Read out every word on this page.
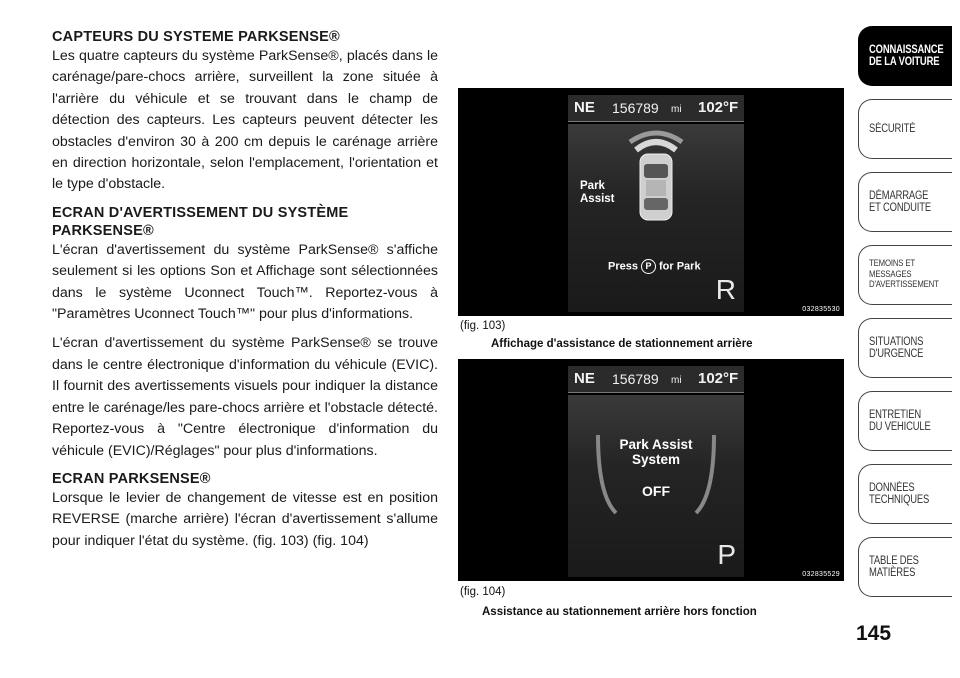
CAPTEURS DU SYSTEME PARKSENSE®

Les quatre capteurs du système ParkSense®, placés dans le carénage/pare-chocs arrière, surveillent la zone située à l'arrière du véhicule et se trouvant dans le champ de détection des capteurs. Les capteurs peuvent détecter les obstacles d'environ 30 à 200 cm depuis le carénage arrière en direction horizontale, selon l'emplacement, l'orientation et le type d'obstacle.

ECRAN D'AVERTISSEMENT DU SYSTÈME PARKSENSE®

L'écran d'avertissement du système ParkSense® s'affiche seulement si les options Son et Affichage sont sélectionnées dans le système Uconnect Touch™. Reportez-vous à "Paramètres Uconnect Touch™" pour plus d'informations.

L'écran d'avertissement du système ParkSense® se trouve dans le centre électronique d'information du véhicule (EVIC). Il fournit des avertissements visuels pour indiquer la distance entre le carénage/les pare-chocs arrière et l'obstacle détecté. Reportez-vous à "Centre électronique d'information du véhicule (EVIC)/Réglages" pour plus d'informations.

ECRAN PARKSENSE®

Lorsque le levier de changement de vitesse est en position REVERSE (marche arrière) l'écran d'avertissement s'allume pour indiquer l'état du système. (fig. 103) (fig. 104)

NE 156789 mi 102°F
Park
Assist
Press P for Park
R
032835530
(fig. 103)
Affichage d'assistance de stationnement arrière
NE 156789 mi 102°F
Park Assist
System
OFF
P
032835529
(fig. 104)
Assistance au stationnement arrière hors fonction
CONNAISSANCE
DE LA VOITURE
SÉCURITÉ
DÉMARRAGE
ET CONDUITE
TEMOINS ET
MESSAGES
D'AVERTISSEMENT
SITUATIONS
D'URGENCE
ENTRETIEN
DU VEHICULE
DONNÉES
TECHNIQUES
TABLE DES
MATIÈRES
145
